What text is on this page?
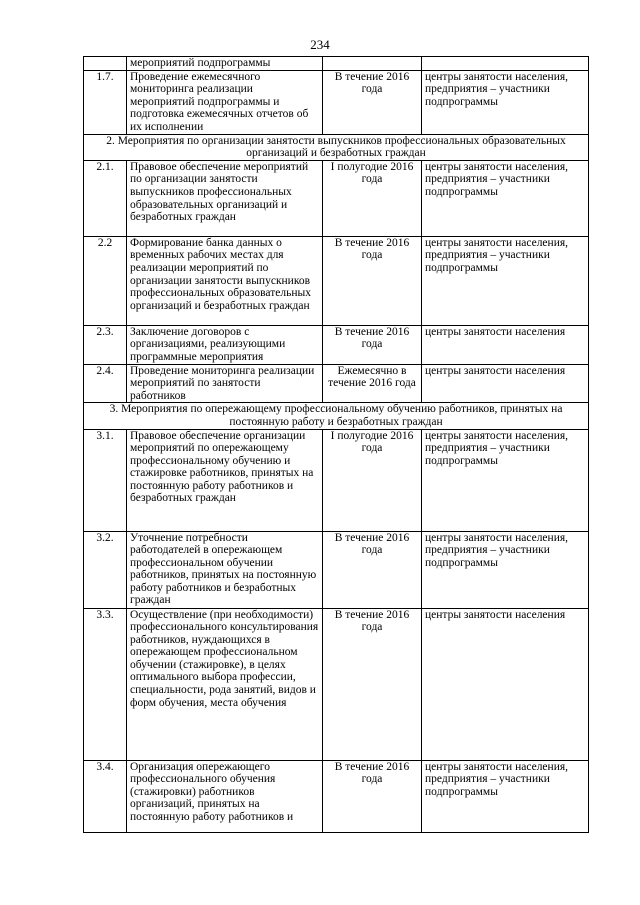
234
	мероприятий подпрограммы		
1.7.	Проведение ежемесячного мониторинга реализации мероприятий подпрограммы и подготовка ежемесячных отчетов об их исполнении	В течение 2016 года	центры занятости населения, предприятия – участники подпрограммы
2. Мероприятия по организации занятости выпускников профессиональных образовательных организаций и безработных граждан			
2.1.	Правовое обеспечение мероприятий по организации занятости выпускников профессиональных образовательных организаций и безработных граждан	I полугодие 2016 года	центры занятости населения, предприятия – участники подпрограммы
2.2	Формирование банка данных о временных рабочих местах для реализации мероприятий по организации занятости выпускников профессиональных образовательных организаций и безработных граждан	В течение 2016 года	центры занятости населения, предприятия – участники подпрограммы
2.3.	Заключение договоров с организациями, реализующими программные мероприятия	В течение 2016 года	центры занятости населения
2.4.	Проведение мониторинга реализации мероприятий по занятости работников	Ежемесячно в течение 2016 года	центры занятости населения
3. Мероприятия по опережающему профессиональному обучению работников, принятых на постоянную работу и безработных граждан			
3.1.	Правовое обеспечение организации мероприятий по опережающему профессиональному обучению и стажировке работников, принятых на постоянную работу работников и безработных граждан	I полугодие 2016 года	центры занятости населения, предприятия – участники подпрограммы
3.2.	Уточнение потребности работодателей в опережающем профессиональном обучении работников, принятых на постоянную работу работников и безработных граждан	В течение 2016 года	центры занятости населения, предприятия – участники подпрограммы
3.3.	Осуществление (при необходимости) профессионального консультирования работников, нуждающихся в опережающем профессиональном обучении (стажировке), в целях оптимального выбора профессии, специальности, рода занятий, видов и форм обучения, места обучения	В течение 2016 года	центры занятости населения
3.4.	Организация опережающего профессионального обучения (стажировки) работников организаций, принятых на постоянную работу работников и	В течение 2016 года	центры занятости населения, предприятия – участники подпрограммы
